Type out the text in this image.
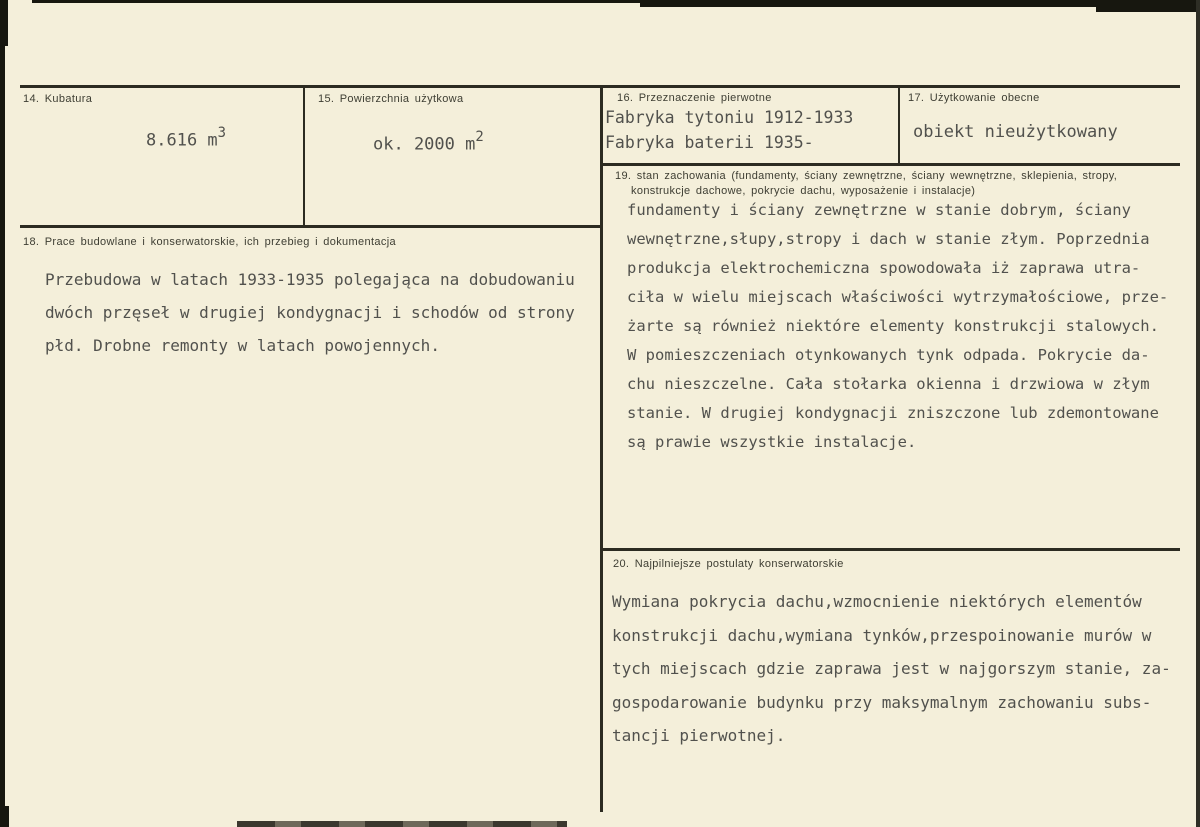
14. Kubatura
8.616 $m^3$
15. Powierzchnia użytkowa
ok. 2000 $m^2$
16. Przeznaczenie pierwotne
Fabryka tytoniu 1912-1933
Fabryka baterii 1935-
17. Użytkowanie obecne
obiekt nieużytkowany
18. Prace budowlane i konserwatorskie, ich przebieg i dokumentacja
Przebudowa w latach 1933-1935 polegająca na dobudowaniu
dwóch przęseł w drugiej kondygnacji i schodów od strony
płd. Drobne remonty w latach powojennych.
19. stan zachowania (fundamenty, ściany zewnętrzne, ściany wewnętrzne, sklepienia, stropy,
konstrukcje dachowe, pokrycie dachu, wyposażenie i instalacje)
fundamenty i ściany zewnętrzne w stanie dobrym, ściany
wewnętrzne,słupy,stropy i dach w stanie złym. Poprzednia
produkcja elektrochemiczna spowodowała iż zaprawa utra-
ciła w wielu miejscach właściwości wytrzymałościowe, prze-
żarte są również niektóre elementy konstrukcji stalowych.
W pomieszczeniach otynkowanych tynk odpada. Pokrycie da-
chu nieszczelne. Cała stołarka okienna i drzwiowa w złym
stanie. W drugiej kondygnacji zniszczone lub zdemontowane
są prawie wszystkie instalacje.
20. Najpilniejsze postulaty konserwatorskie
Wymiana pokrycia dachu,wzmocnienie niektórych elementów
konstrukcji dachu,wymiana tynków,przespoinowanie murów w
tych miejscach gdzie zaprawa jest w najgorszym stanie, za-
gospodarowanie budynku przy maksymalnym zachowaniu subs-
tancji pierwotnej.
